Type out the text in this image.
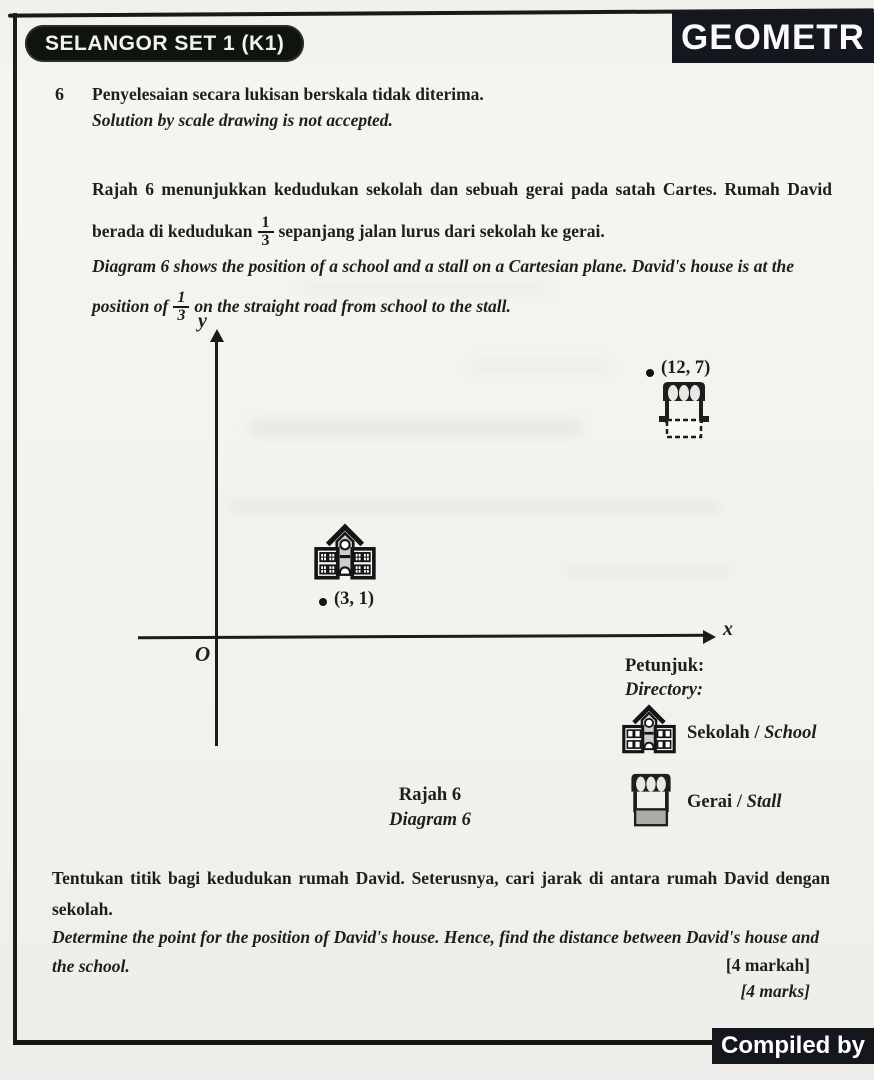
SELANGOR SET 1 (K1)	GEOMETR
6 Penyelesaian secara lukisan berskala tidak diterima.
Solution by scale drawing is not accepted.

Rajah 6 menunjukkan kedudukan sekolah dan sebuah gerai pada satah Cartes. Rumah David berada di kedudukan $\frac{1}{3}$ sepanjang jalan lurus dari sekolah ke gerai.

Diagram 6 shows the position of a school and a stall on a Cartesian plane. David's house is at the position of $\frac{1}{3}$ on the straight road from school to the stall.

y
x
O
(12, 7)
(3, 1)
Petunjuk:
Directory:
Sekolah / School
Gerai / Stall
Rajah 6
Diagram 6

Tentukan titik bagi kedudukan rumah David. Seterusnya, cari jarak di antara rumah David dengan sekolah.

Determine the point for the position of David's house. Hence, find the distance between David's house and the school.	[4 markah]
[4 marks]
Compiled by
